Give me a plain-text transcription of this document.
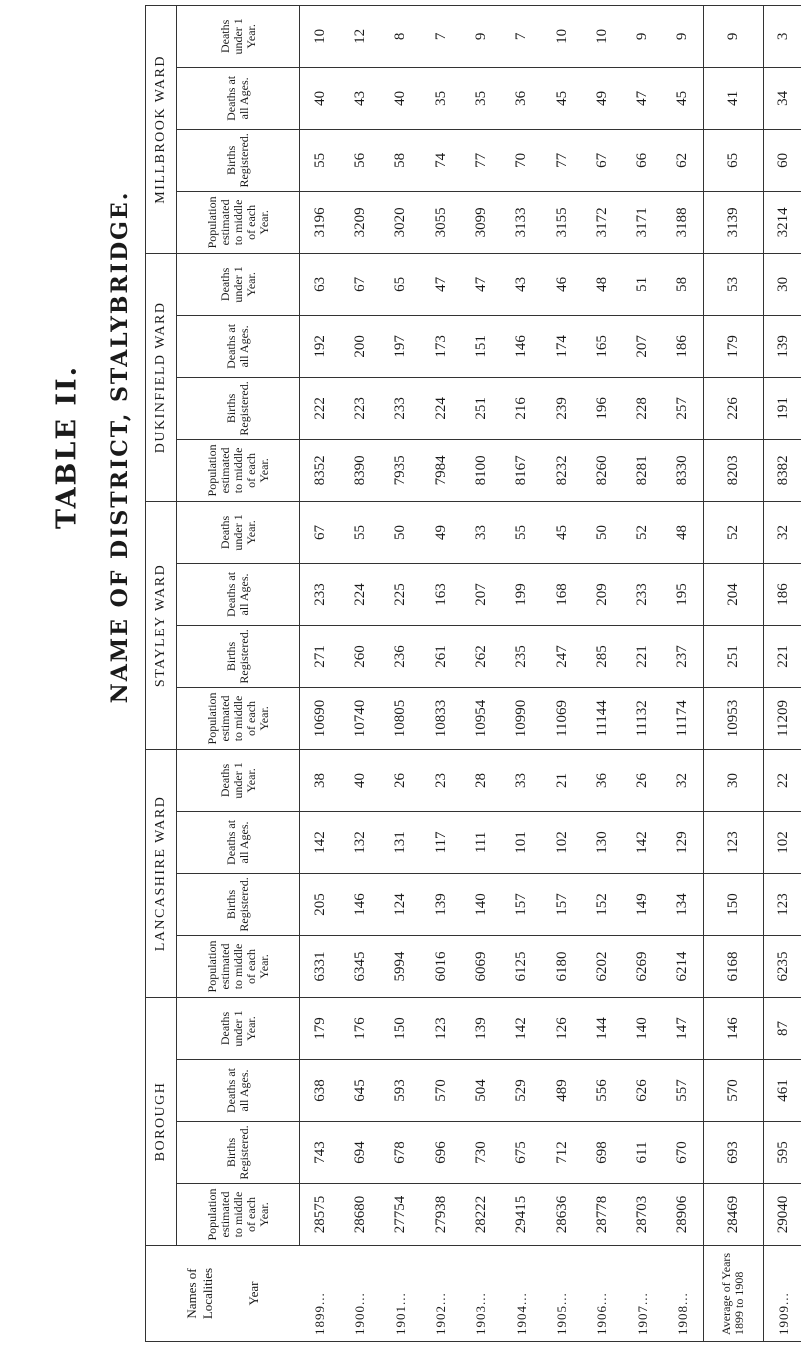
TABLE II. NAME OF DISTRICT, STALYBRIDGE.
Names of Localities Year	BOROUGH				LANCASHIRE WARD				STAYLEY WARD				DUKINFIELD WARD				MILLBROOK WARD			
	Population estimated to middle of each Year.	Births Registered.	Deaths at all Ages.	Deaths under 1 Year.	Population estimated to middle of each Year.	Births Registered.	Deaths at all Ages.	Deaths under 1 Year.	Population estimated to middle of each Year.	Births Registered.	Deaths at all Ages.	Deaths under 1 Year.	Population estimated to middle of each Year.	Births Registered.	Deaths at all Ages.	Deaths under 1 Year.	Population estimated to middle of each Year.	Births Registered.	Deaths at all Ages.	Deaths under 1 Year.
1899...	28575	743	638	179	6331	205	142	38	10690	271	233	67	8352	222	192	63	3196	55	40	10
1900...	28680	694	645	176	6345	146	132	40	10740	260	224	55	8390	223	200	67	3209	56	43	12
1901...	27754	678	593	150	5994	124	131	26	10805	236	225	50	7935	233	197	65	3020	58	40	8
1902...	27938	696	570	123	6016	139	117	23	10833	261	163	49	7984	224	173	47	3055	74	35	7
1903...	28222	730	504	139	6069	140	111	28	10954	262	207	33	8100	251	151	47	3099	77	35	9
1904...	29415	675	529	142	6125	157	101	33	10990	235	199	55	8167	216	146	43	3133	70	36	7
1905...	28636	712	489	126	6180	157	102	21	11069	247	168	45	8232	239	174	46	3155	77	45	10
1906...	28778	698	556	144	6202	152	130	36	11144	285	209	50	8260	196	165	48	3172	67	49	10
1907...	28703	611	626	140	6269	149	142	26	11132	221	233	52	8281	228	207	51	3171	66	47	9
1908...	28906	670	557	147	6214	134	129	32	11174	237	195	48	8330	257	186	58	3188	62	45	9
Average of Years 1899 to 1908	28469	693	570	146	6168	150	123	30	10953	251	204	52	8203	226	179	53	3139	65	41	9
1909...	29040	595	461	87	6235	123	102	22	11209	221	186	32	8382	191	139	30	3214	60	34	3
